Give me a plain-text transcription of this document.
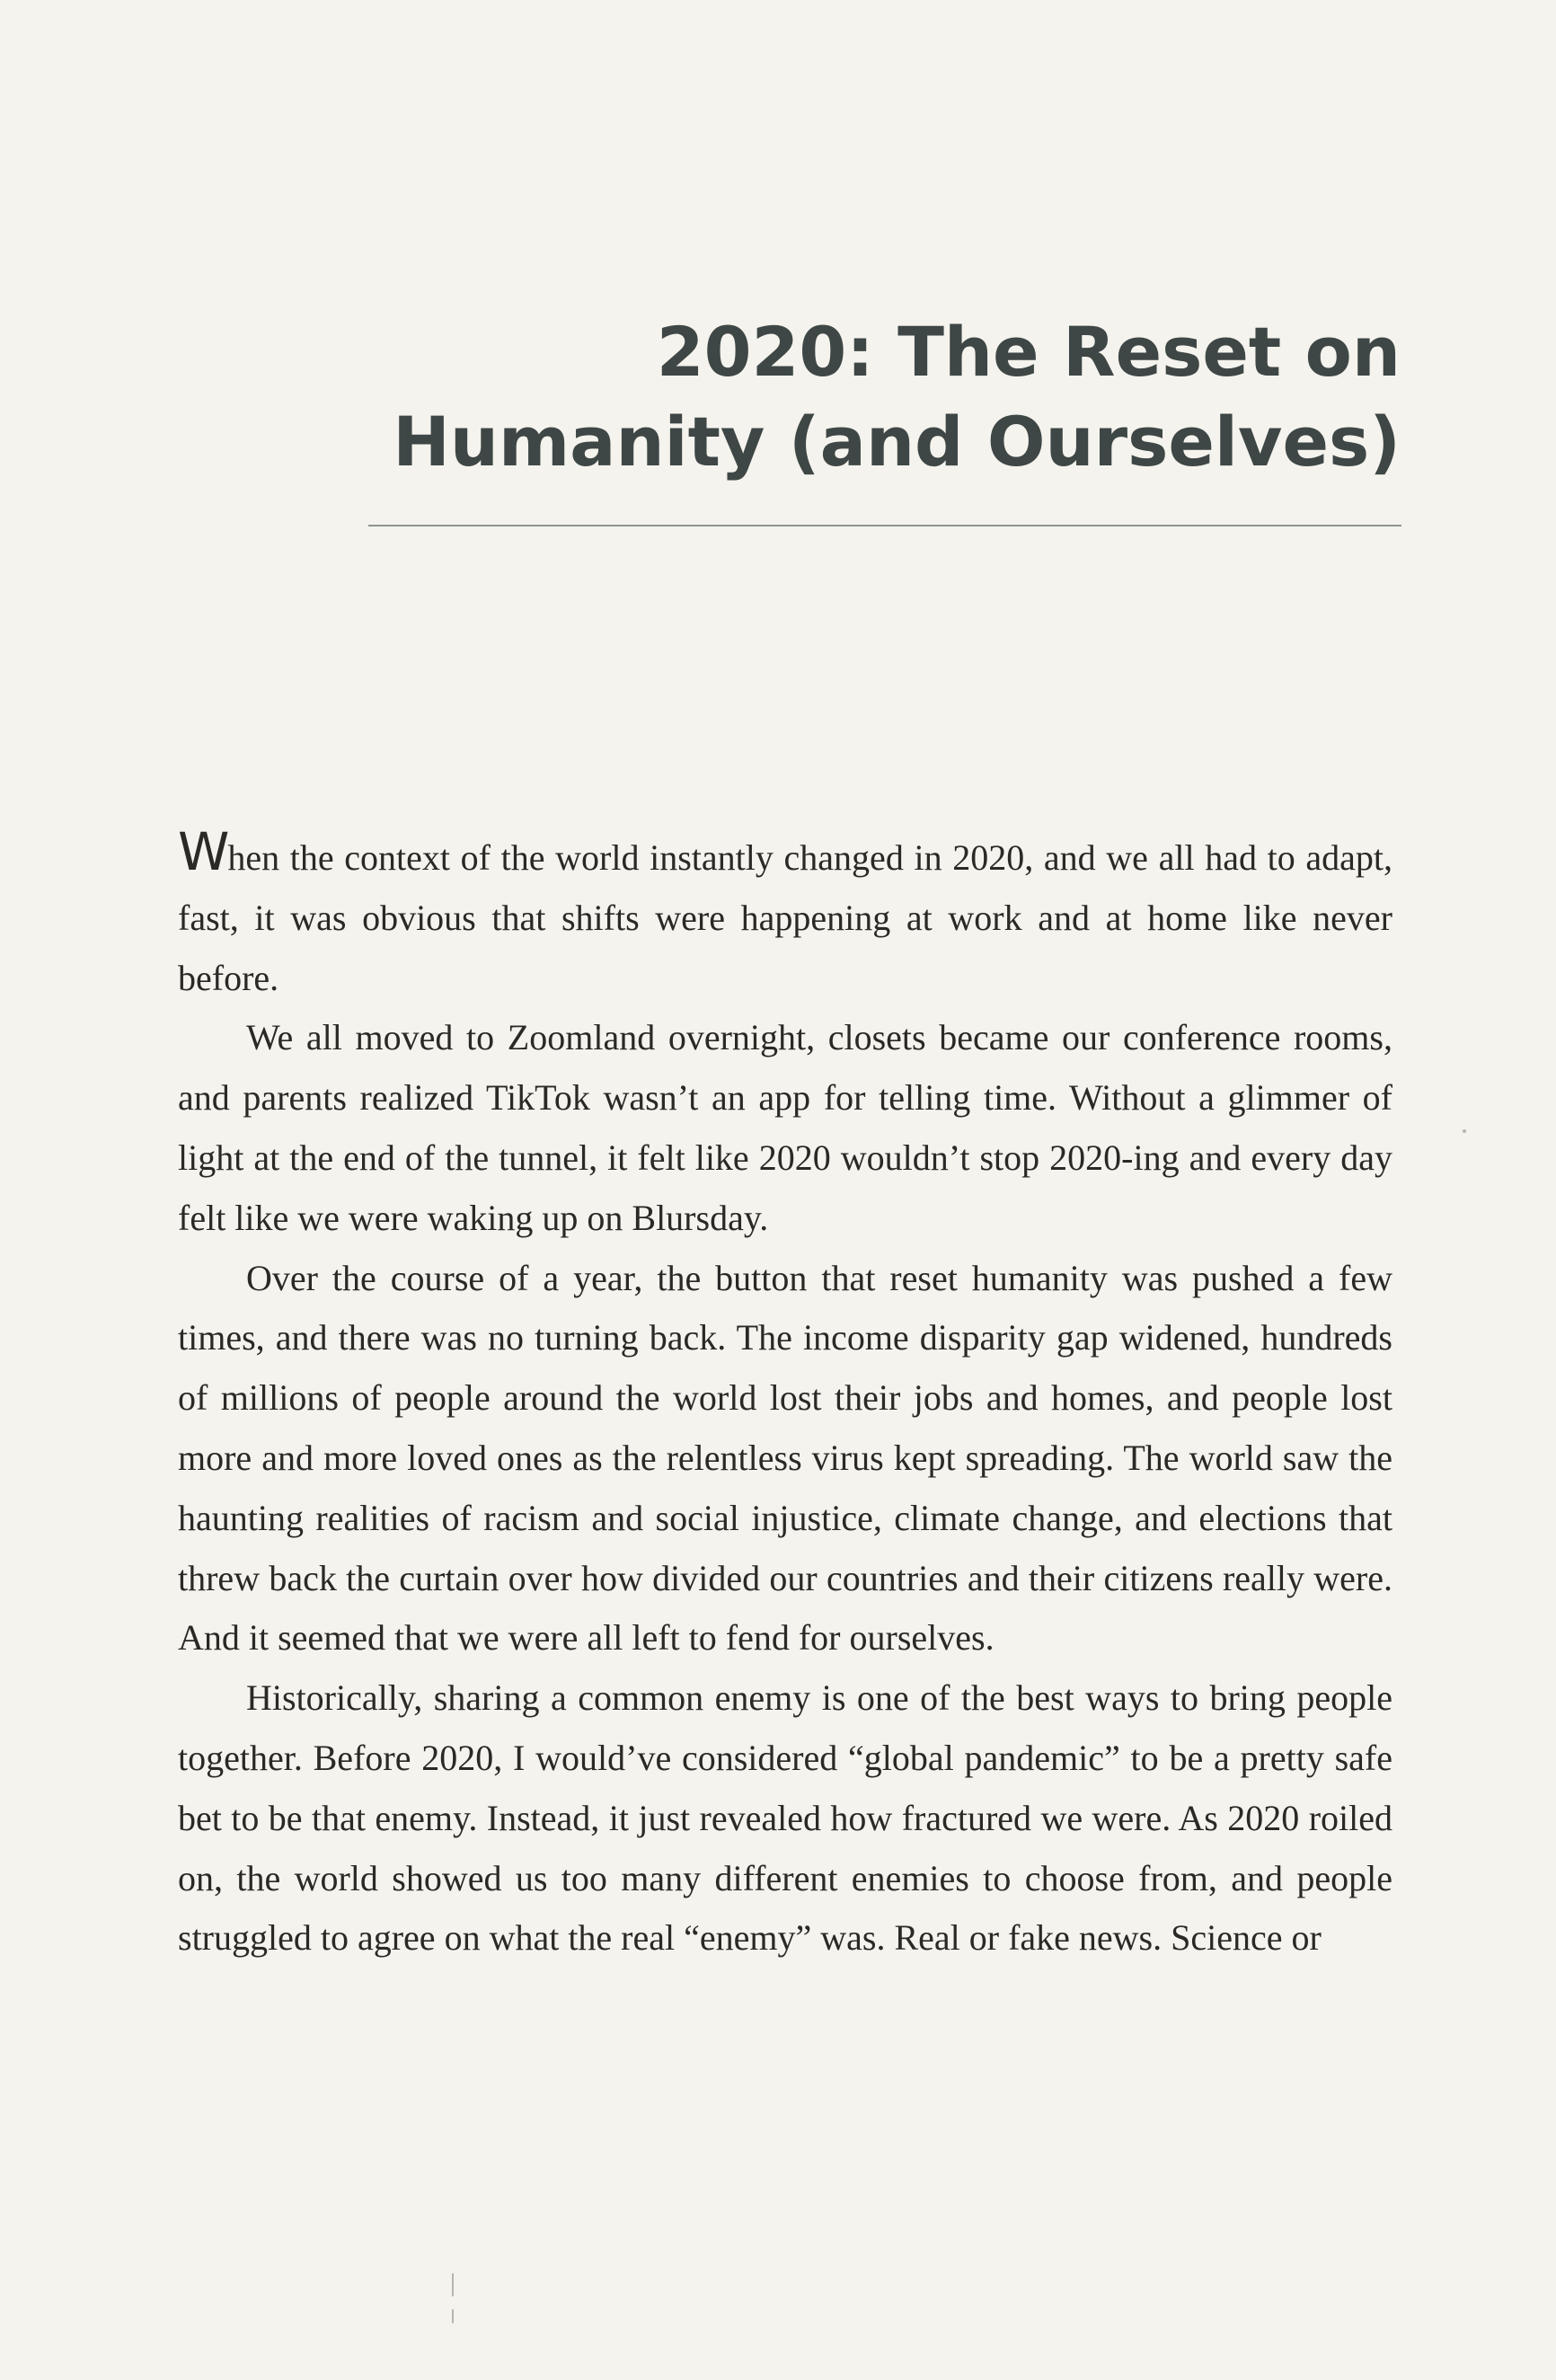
2020: The Reset on
Humanity (and Ourselves)

When the context of the world instantly changed in 2020, and we all had to adapt, fast, it was obvious that shifts were happening at work and at home like never before.

We all moved to Zoomland overnight, closets became our conference rooms, and parents realized TikTok wasn’t an app for telling time. Without a glimmer of light at the end of the tunnel, it felt like 2020 wouldn’t stop 2020-ing and every day felt like we were waking up on Blursday.

Over the course of a year, the button that reset humanity was pushed a few times, and there was no turning back. The income disparity gap widened, hundreds of millions of people around the world lost their jobs and homes, and people lost more and more loved ones as the relentless virus kept spreading. The world saw the haunting realities of racism and social injustice, climate change, and elections that threw back the curtain over how divided our countries and their citizens really were. And it seemed that we were all left to fend for ourselves.

Historically, sharing a common enemy is one of the best ways to bring people together. Before 2020, I would’ve considered “global pandemic” to be a pretty safe bet to be that enemy. Instead, it just revealed how fractured we were. As 2020 roiled on, the world showed us too many different enemies to choose from, and people struggled to agree on what the real “enemy” was. Real or fake news. Science or
